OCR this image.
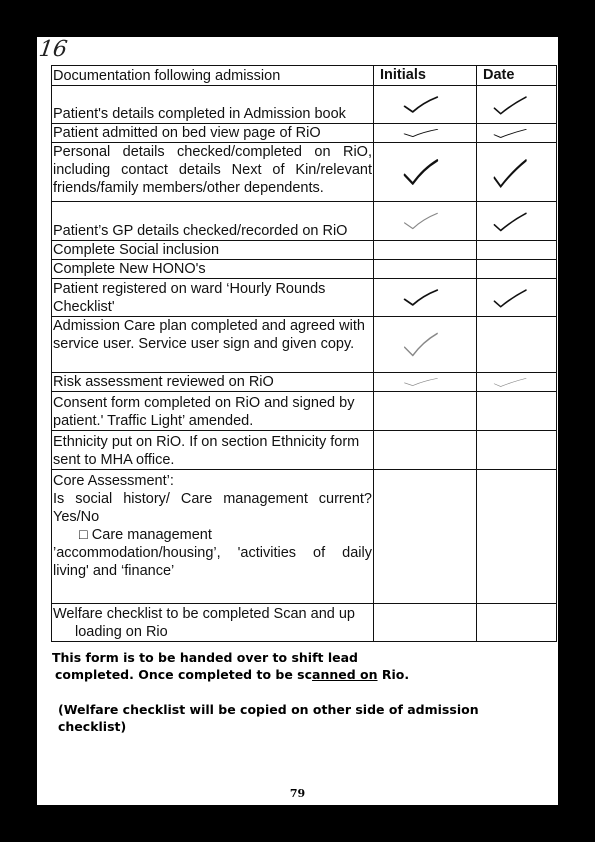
16
Documentation following admission	Initials	Date
Patient's details completed in Admission book	

Patient admitted on bed view page of RiO	

Personal details checked/completed on RiO, including contact details Next of Kin/relevant friends/family members/other dependents.	

Patient’s GP details checked/recorded on RiO	

Complete Social inclusion		
Complete New HONO's		
Patient registered on ward ‘Hourly Rounds Checklist'	

Admission Care plan completed and agreed with service user. Service user sign and given copy.	

Risk assessment reviewed on RiO	

Consent form completed on RiO and signed by patient.' Traffic Light’ amended.		
Ethnicity put on RiO. If on section Ethnicity form sent to MHA office.		

Core Assessment’:
Is social history/ Care management current? Yes/No
□ Care management
’accommodation/housing’, 'activities of daily living' and ‘finance’		

Welfare checklist to be completed Scan and up
loading on Rio		

This form is to be handed over to shift lead
completed. Once completed to be scanned on Rio.
(Welfare checklist will be copied on other side of admission
checklist)
79
